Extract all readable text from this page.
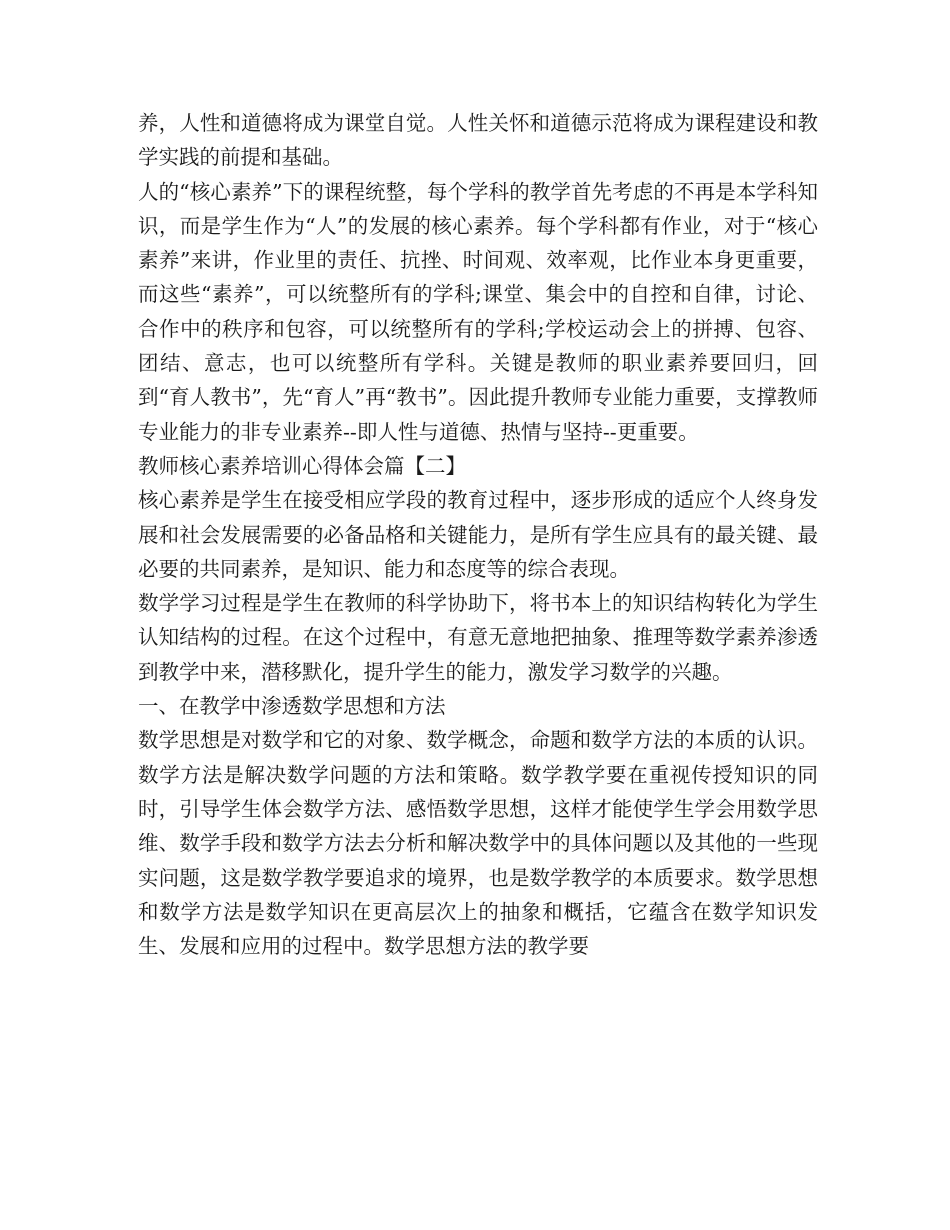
养，人性和道德将成为课堂自觉。人性关怀和道德示范将成为课程建设和教学实践的前提和基础。

人的“核心素养”下的课程统整，每个学科的教学首先考虑的不再是本学科知识，而是学生作为“人”的发展的核心素养。每个学科都有作业，对于“核心素养”来讲，作业里的责任、抗挫、时间观、效率观，比作业本身更重要，而这些“素养”，可以统整所有的学科;课堂、集会中的自控和自律，讨论、合作中的秩序和包容，可以统整所有的学科;学校运动会上的拼搏、包容、团结、意志，也可以统整所有学科。关键是教师的职业素养要回归，回到“育人教书”，先“育人”再“教书”。因此提升教师专业能力重要，支撑教师专业能力的非专业素养--即人性与道德、热情与坚持--更重要。

教师核心素养培训心得体会篇【二】

核心素养是学生在接受相应学段的教育过程中，逐步形成的适应个人终身发展和社会发展需要的必备品格和关键能力，是所有学生应具有的最关键、最必要的共同素养，是知识、能力和态度等的综合表现。

数学学习过程是学生在教师的科学协助下，将书本上的知识结构转化为学生认知结构的过程。在这个过程中，有意无意地把抽象、推理等数学素养渗透到教学中来，潜移默化，提升学生的能力，激发学习数学的兴趣。

一、在教学中渗透数学思想和方法

数学思想是对数学和它的对象、数学概念，命题和数学方法的本质的认识。数学方法是解决数学问题的方法和策略。数学教学要在重视传授知识的同时，引导学生体会数学方法、感悟数学思想，这样才能使学生学会用数学思维、数学手段和数学方法去分析和解决数学中的具体问题以及其他的一些现实问题，这是数学教学要追求的境界，也是数学教学的本质要求。数学思想和数学方法是数学知识在更高层次上的抽象和概括，它蕴含在数学知识发生、发展和应用的过程中。数学思想方法的教学要
